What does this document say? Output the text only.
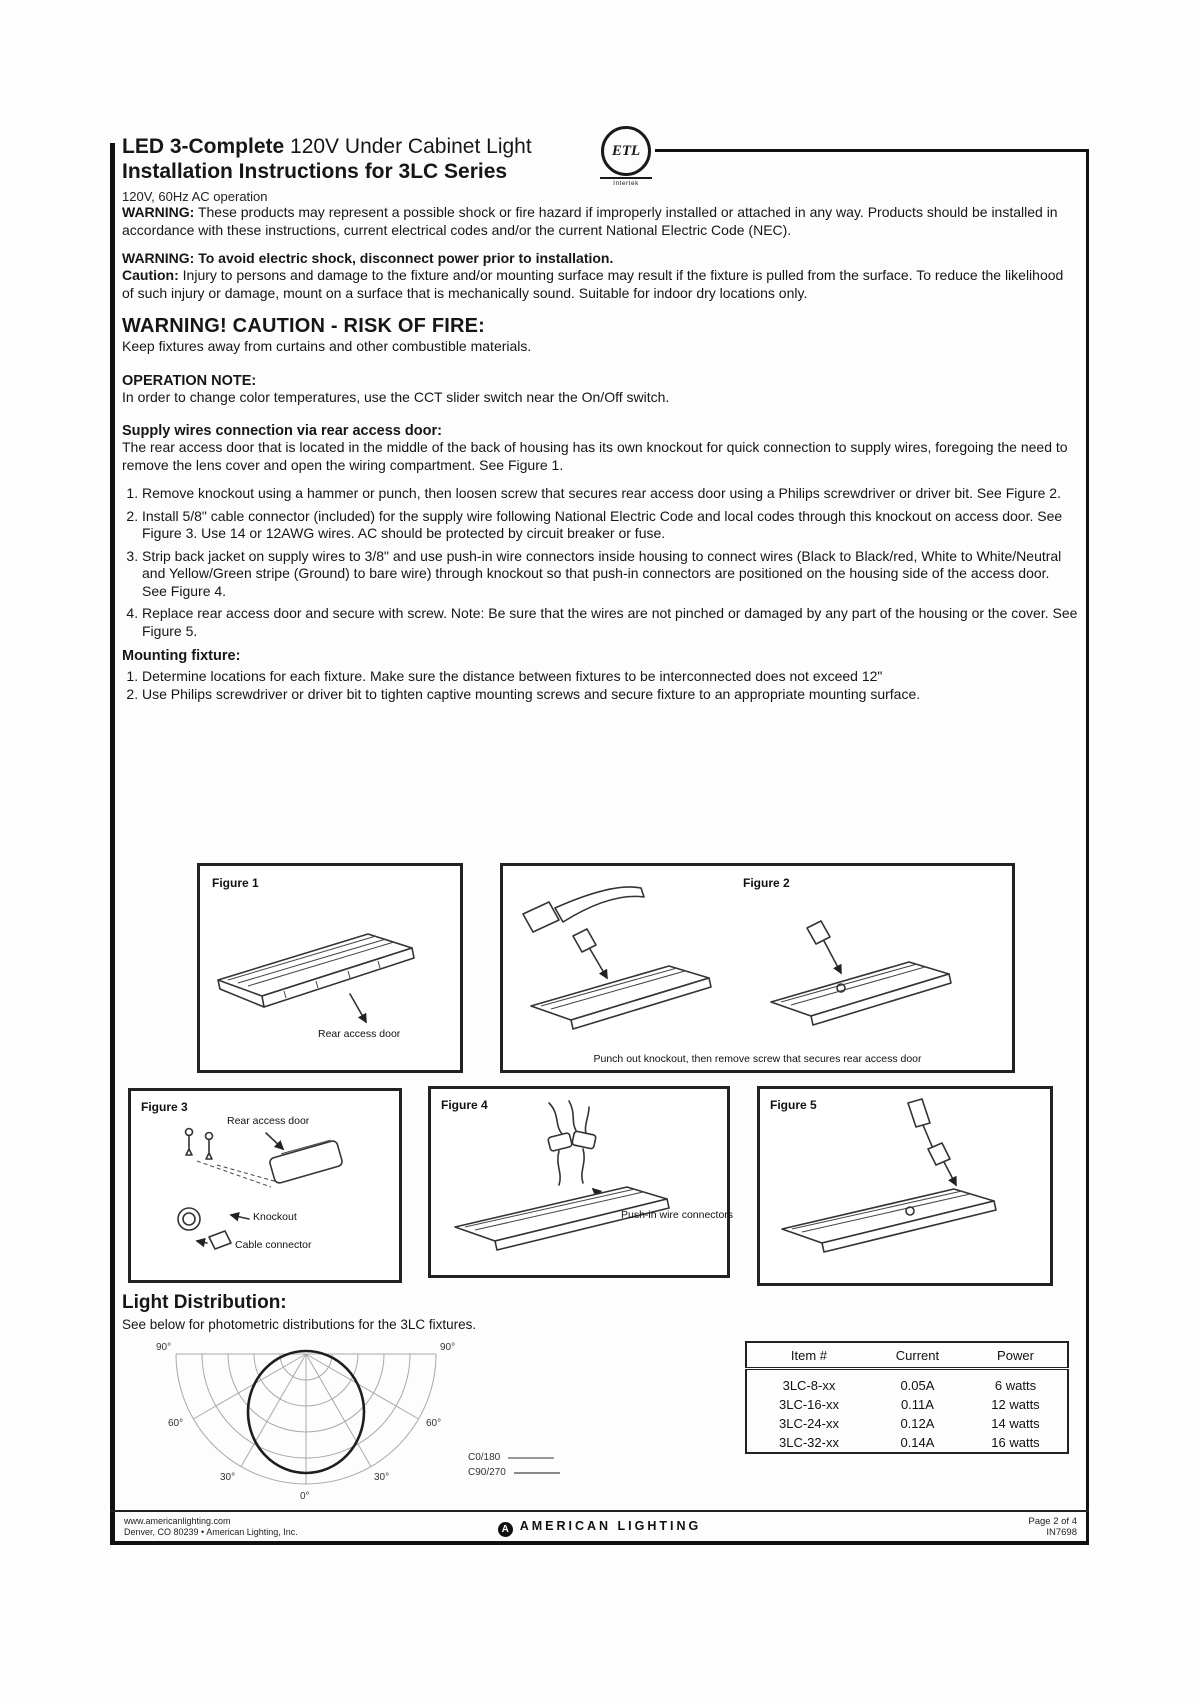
ETL
Intertek
LED 3-Complete 120V Under Cabinet Light
Installation Instructions for 3LC Series
120V, 60Hz AC operation

WARNING: These products may represent a possible shock or fire hazard if improperly installed or attached in any way. Products should be installed in accordance with these instructions, current electrical codes and/or the current National Electric Code (NEC).

WARNING: To avoid electric shock, disconnect power prior to installation.

Caution: Injury to persons and damage to the fixture and/or mounting surface may result if the fixture is pulled from the surface. To reduce the likelihood of such injury or damage, mount on a surface that is mechanically sound. Suitable for indoor dry locations only.

WARNING! CAUTION - RISK OF FIRE:

Keep fixtures away from curtains and other combustible materials.

OPERATION NOTE:

In order to change color temperatures, use the CCT slider switch near the On/Off switch.

Supply wires connection via rear access door:

The rear access door that is located in the middle of the back of housing has its own knockout for quick connection to supply wires, foregoing the need to remove the lens cover and open the wiring compartment. See Figure 1.

1. Remove knockout using a hammer or punch, then loosen screw that secures rear access door using a Philips screwdriver or driver bit. See Figure 2.
2. Install 5/8" cable connector (included) for the supply wire following National Electric Code and local codes through this knockout on access door. See Figure 3. Use 14 or 12AWG wires. AC should be protected by circuit breaker or fuse.
3. Strip back jacket on supply wires to 3/8" and use push-in wire connectors inside housing to connect wires (Black to Black/red, White to White/Neutral and Yellow/Green stripe (Ground) to bare wire) through knockout so that push-in connectors are positioned on the housing side of the access door. See Figure 4.
4. Replace rear access door and secure with screw. Note: Be sure that the wires are not pinched or damaged by any part of the housing or the cover. See Figure 5.

Mounting fixture:

1. Determine locations for each fixture. Make sure the distance between fixtures to be interconnected does not exceed 12"
2. Use Philips screwdriver or driver bit to tighten captive mounting screws and secure fixture to an appropriate mounting surface.
Figure 1
Rear access door
Figure 2
Punch out knockout, then remove screw that secures rear access door
Figure 3
Rear access door
Knockout
Cable connector
Figure 4
Push-in wire connectors
Figure 5
Light Distribution:

See below for photometric distributions for the 3LC fixtures.

90°	90°
60°	60°
30°	30°
0°
C0/180
C90/270
Item #	Current	Power
3LC-8-xx	0.05A	6 watts
3LC-16-xx	0.11A	12 watts
3LC-24-xx	0.12A	14 watts
3LC-32-xx	0.14A	16 watts
www.americanlighting.com
Denver, CO 80239 • American Lighting, Inc.	A AMERICAN LIGHTING	Page 2 of 4
IN7698
